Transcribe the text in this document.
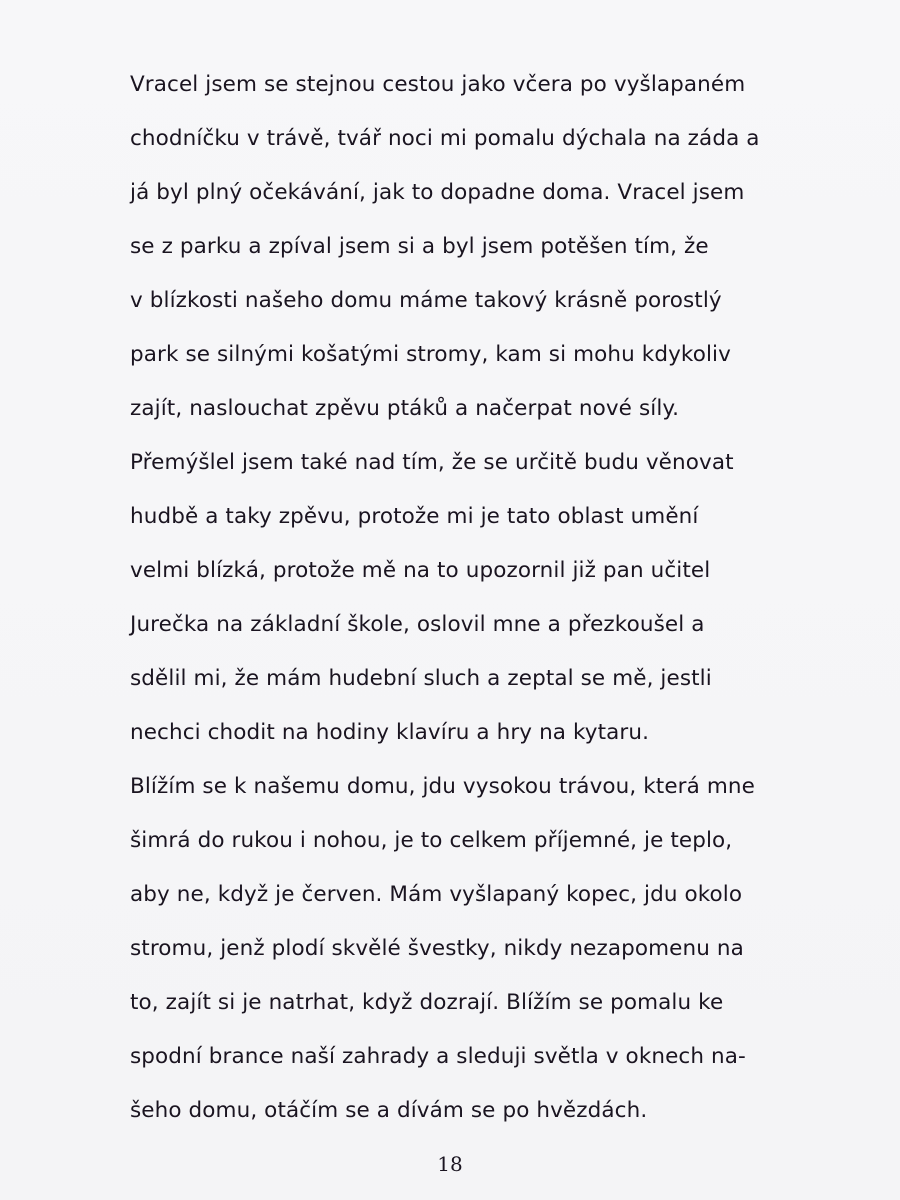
Vracel jsem se stejnou cestou jako včera po vyšlapaném
chodníčku v trávě, tvář noci mi pomalu dýchala na záda a
já byl plný očekávání, jak to dopadne doma. Vracel jsem
se z parku a zpíval jsem si a byl jsem potěšen tím, že
v blízkosti našeho domu máme takový krásně porostlý
park se silnými košatými stromy, kam si mohu kdykoliv
zajít, naslouchat zpěvu ptáků a načerpat nové síly.
Přemýšlel jsem také nad tím, že se určitě budu věnovat
hudbě a taky zpěvu, protože mi je tato oblast umění
velmi blízká, protože mě na to upozornil již pan učitel
Jurečka na základní škole, oslovil mne a přezkoušel a
sdělil mi, že mám hudební sluch a zeptal se mě, jestli
nechci chodit na hodiny klavíru a hry na kytaru.
Blížím se k našemu domu, jdu vysokou trávou, která mne
šimrá do rukou i nohou, je to celkem příjemné, je teplo,
aby ne, když je červen. Mám vyšlapaný kopec, jdu okolo
stromu, jenž plodí skvělé švestky, nikdy nezapomenu na
to, zajít si je natrhat, když dozrají. Blížím se pomalu ke
spodní brance naší zahrady a sleduji světla v oknech na-
šeho domu, otáčím se a dívám se po hvězdách.
18
